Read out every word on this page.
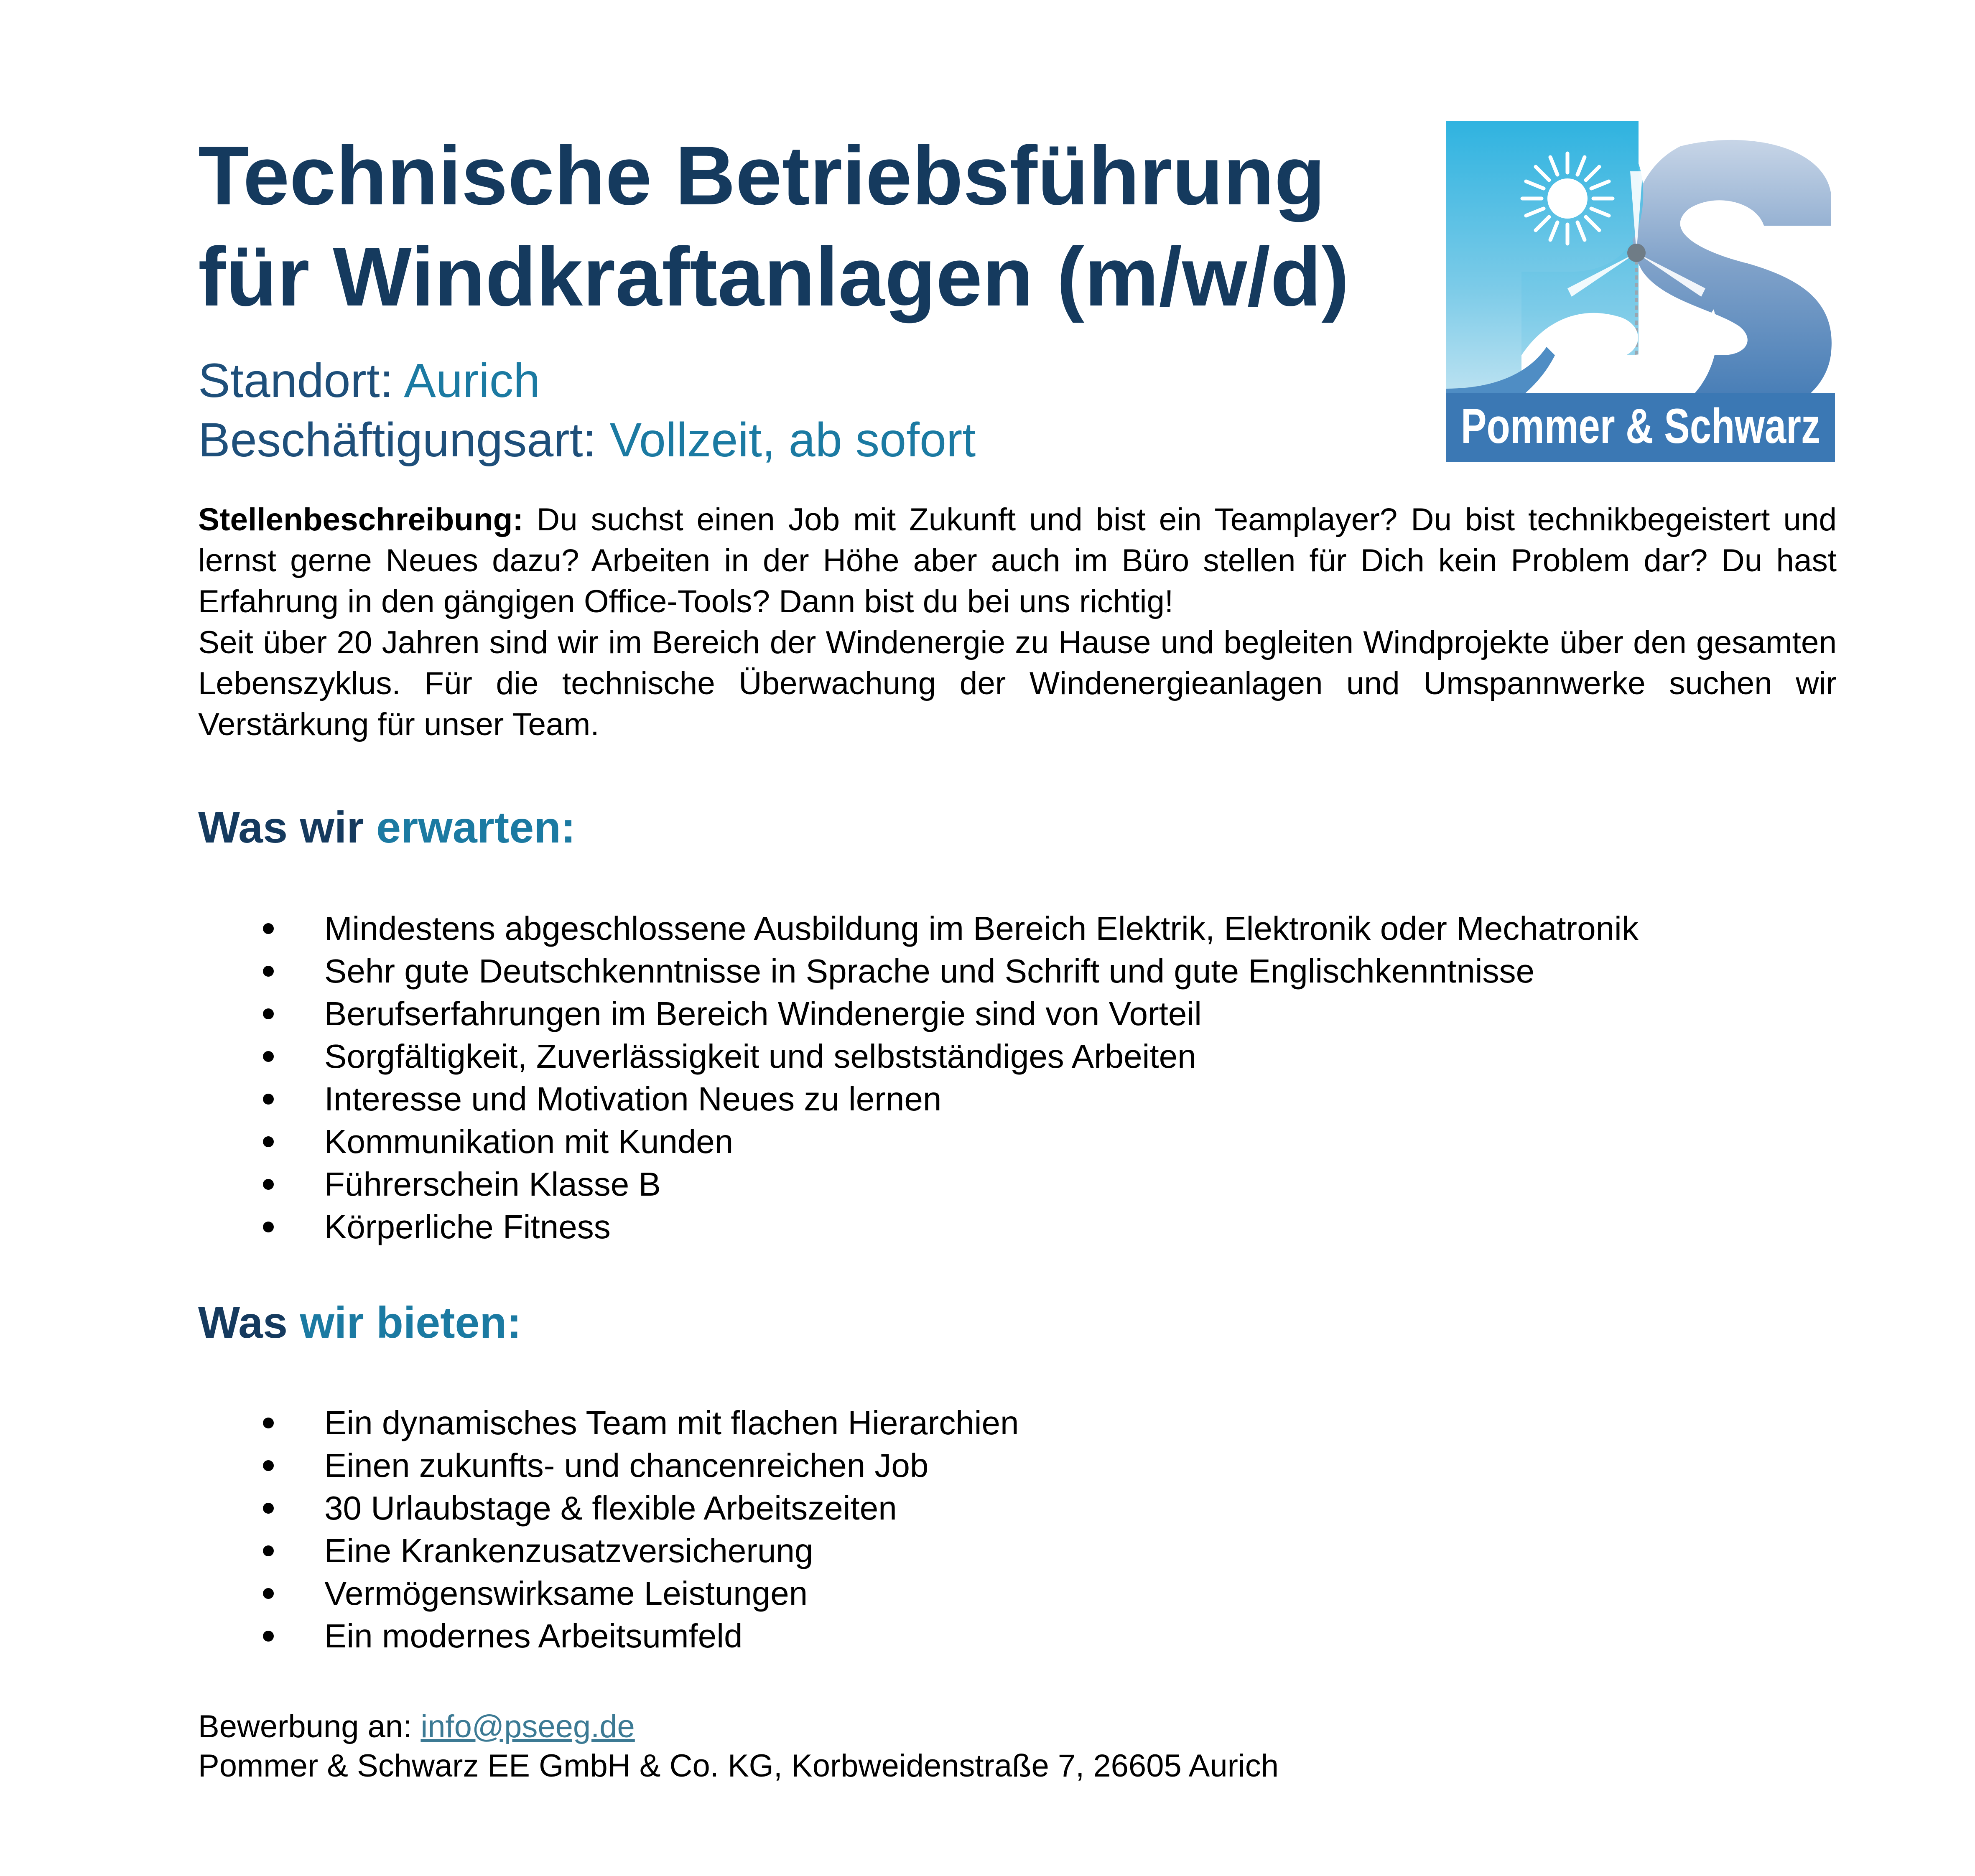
Technische Betriebsführung
für Windkraftanlagen (m/w/d)
Pommer & Schwarz
Standort: Aurich
Beschäftigungsart: Vollzeit, ab sofort

Stellenbeschreibung: Du suchst einen Job mit Zukunft und bist ein Teamplayer? Du bist technikbegeistert und lernst gerne Neues dazu? Arbeiten in der Höhe aber auch im Büro stellen für Dich kein Problem dar? Du hast Erfahrung in den gängigen Office-Tools? Dann bist du bei uns richtig!

Seit über 20 Jahren sind wir im Bereich der Windenergie zu Hause und begleiten Windprojekte über den gesamten Lebenszyklus. Für die technische Überwachung der Windenergieanlagen und Umspannwerke suchen wir Verstärkung für unser Team.

Was wir erwarten:
Mindestens abgeschlossene Ausbildung im Bereich Elektrik, Elektronik oder Mechatronik
Sehr gute Deutschkenntnisse in Sprache und Schrift und gute Englischkenntnisse
Berufserfahrungen im Bereich Windenergie sind von Vorteil
Sorgfältigkeit, Zuverlässigkeit und selbstständiges Arbeiten
Interesse und Motivation Neues zu lernen
Kommunikation mit Kunden
Führerschein Klasse B
Körperliche Fitness
Was wir bieten:
Ein dynamisches Team mit flachen Hierarchien
Einen zukunfts- und chancenreichen Job
30 Urlaubstage & flexible Arbeitszeiten
Eine Krankenzusatzversicherung
Vermögenswirksame Leistungen
Ein modernes Arbeitsumfeld
Bewerbung an: info@pseeg.de
Pommer & Schwarz EE GmbH & Co. KG, Korbweidenstraße 7, 26605 Aurich
